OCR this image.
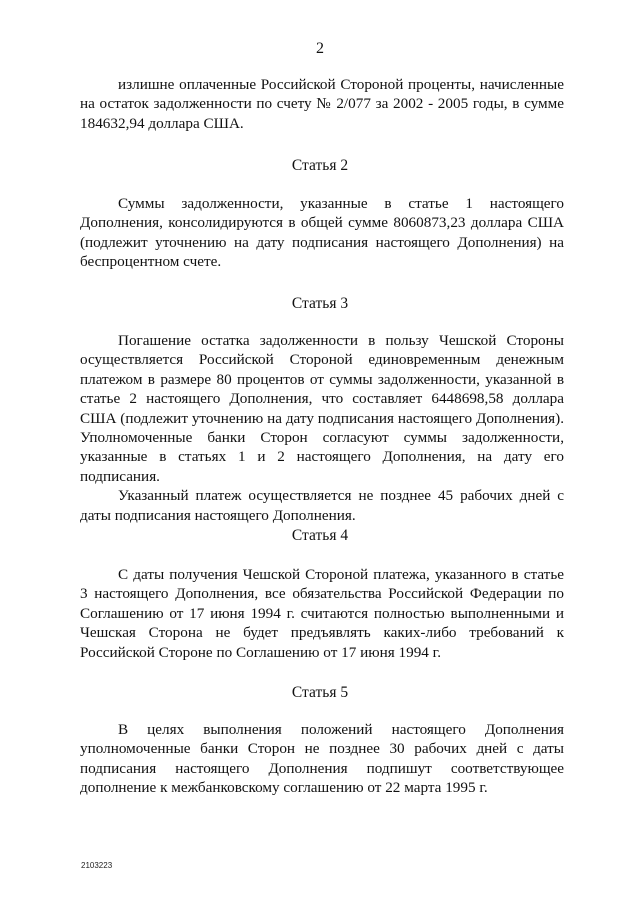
2

излишне оплаченные Российской Стороной проценты, начисленные на остаток задолженности по счету № 2/077 за 2002 - 2005 годы, в сумме 184632,94 доллара США.

Статья 2

Суммы задолженности, указанные в статье 1 настоящего Дополнения, консолидируются в общей сумме 8060873,23 доллара США (подлежит уточнению на дату подписания настоящего Дополнения) на беспроцентном счете.

Статья 3

Погашение остатка задолженности в пользу Чешской Стороны осуществляется Российской Стороной единовременным денежным платежом в размере 80 процентов от суммы задолженности, указанной в статье 2 настоящего Дополнения, что составляет 6448698,58 доллара США (подлежит уточнению на дату подписания настоящего Дополнения). Уполномоченные банки Сторон согласуют суммы задолженности, указанные в статьях 1 и 2 настоящего Дополнения, на дату его подписания.

Указанный платеж осуществляется не позднее 45 рабочих дней с даты подписания настоящего Дополнения.

Статья 4

С даты получения Чешской Стороной платежа, указанного в статье 3 настоящего Дополнения, все обязательства Российской Федерации по Соглашению от 17 июня 1994 г. считаются полностью выполненными и Чешская Сторона не будет предъявлять каких-либо требований к Российской Стороне по Соглашению от 17 июня 1994 г.

Статья 5

В целях выполнения положений настоящего Дополнения уполномоченные банки Сторон не позднее 30 рабочих дней с даты подписания настоящего Дополнения подпишут соответствующее дополнение к межбанковскому соглашению от 22 марта 1995 г.

2103223
